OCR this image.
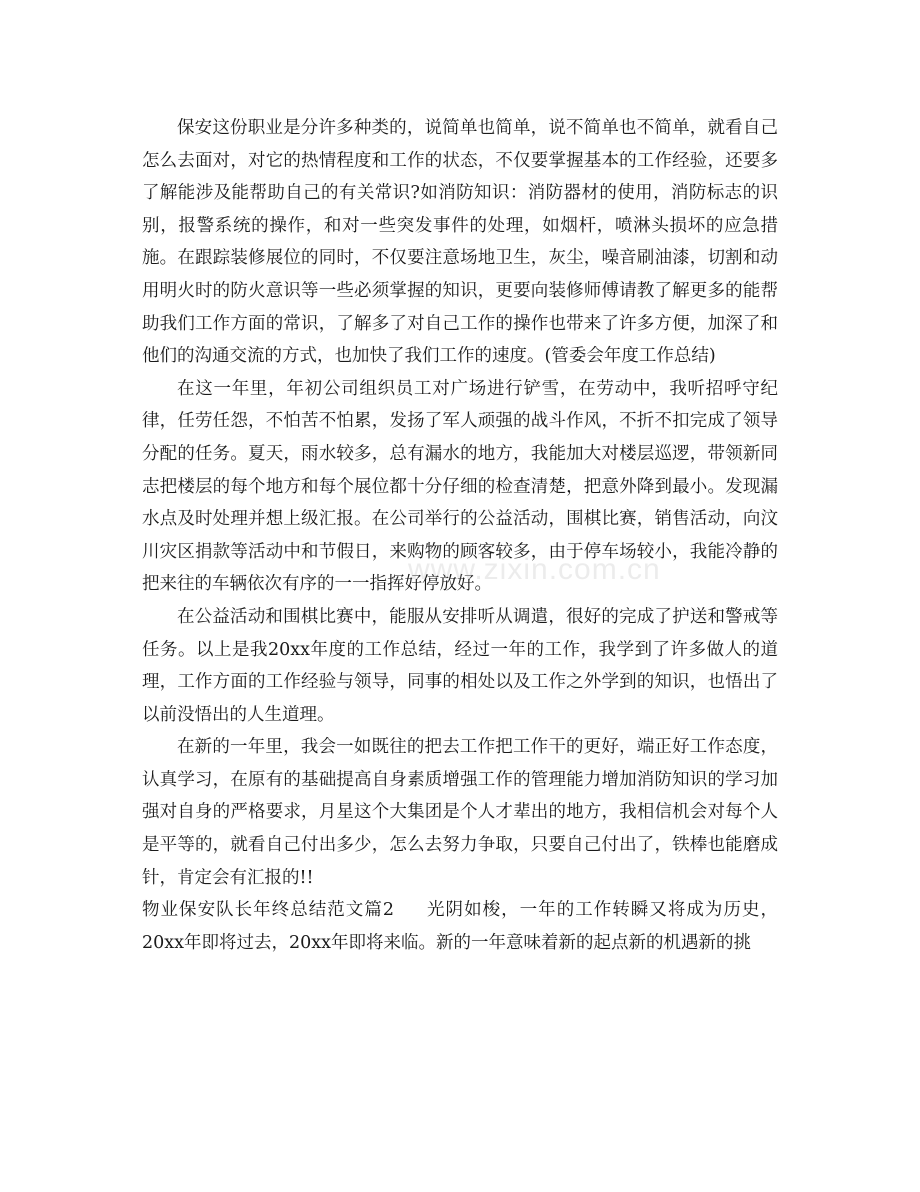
保安这份职业是分许多种类的，说简单也简单，说不简单也不简单，就看自己怎么去面对，对它的热情程度和工作的状态，不仅要掌握基本的工作经验，还要多了解能涉及能帮助自己的有关常识?如消防知识：消防器材的使用，消防标志的识别，报警系统的操作，和对一些突发事件的处理，如烟杆，喷淋头损坏的应急措施。在跟踪装修展位的同时，不仅要注意场地卫生，灰尘，噪音刷油漆，切割和动用明火时的防火意识等一些必须掌握的知识，更要向装修师傅请教了解更多的能帮助我们工作方面的常识，了解多了对自己工作的操作也带来了许多方便，加深了和他们的沟通交流的方式，也加快了我们工作的速度。(管委会年度工作总结)

在这一年里，年初公司组织员工对广场进行铲雪，在劳动中，我听招呼守纪律，任劳任怨，不怕苦不怕累，发扬了军人顽强的战斗作风，不折不扣完成了领导分配的任务。夏天，雨水较多，总有漏水的地方，我能加大对楼层巡逻，带领新同志把楼层的每个地方和每个展位都十分仔细的检查清楚，把意外降到最小。发现漏水点及时处理并想上级汇报。在公司举行的公益活动，围棋比赛，销售活动，向汶川灾区捐款等活动中和节假日，来购物的顾客较多，由于停车场较小，我能冷静的把来往的车辆依次有序的一一指挥好停放好。

在公益活动和围棋比赛中，能服从安排听从调遣，很好的完成了护送和警戒等任务。以上是我20xx年度的工作总结，经过一年的工作，我学到了许多做人的道理，工作方面的工作经验与领导，同事的相处以及工作之外学到的知识，也悟出了以前没悟出的人生道理。

在新的一年里，我会一如既往的把去工作把工作干的更好，端正好工作态度，认真学习，在原有的基础提高自身素质增强工作的管理能力增加消防知识的学习加强对自身的严格要求，月星这个大集团是个人才辈出的地方，我相信机会对每个人是平等的，就看自己付出多少，怎么去努力争取，只要自己付出了，铁棒也能磨成针，肯定会有汇报的!!

物业保安队长年终总结范文篇2 光阴如梭，一年的工作转瞬又将成为历史，20xx年即将过去，20xx年即将来临。新的一年意味着新的起点新的机遇新的挑

www.zixin.com.cn
